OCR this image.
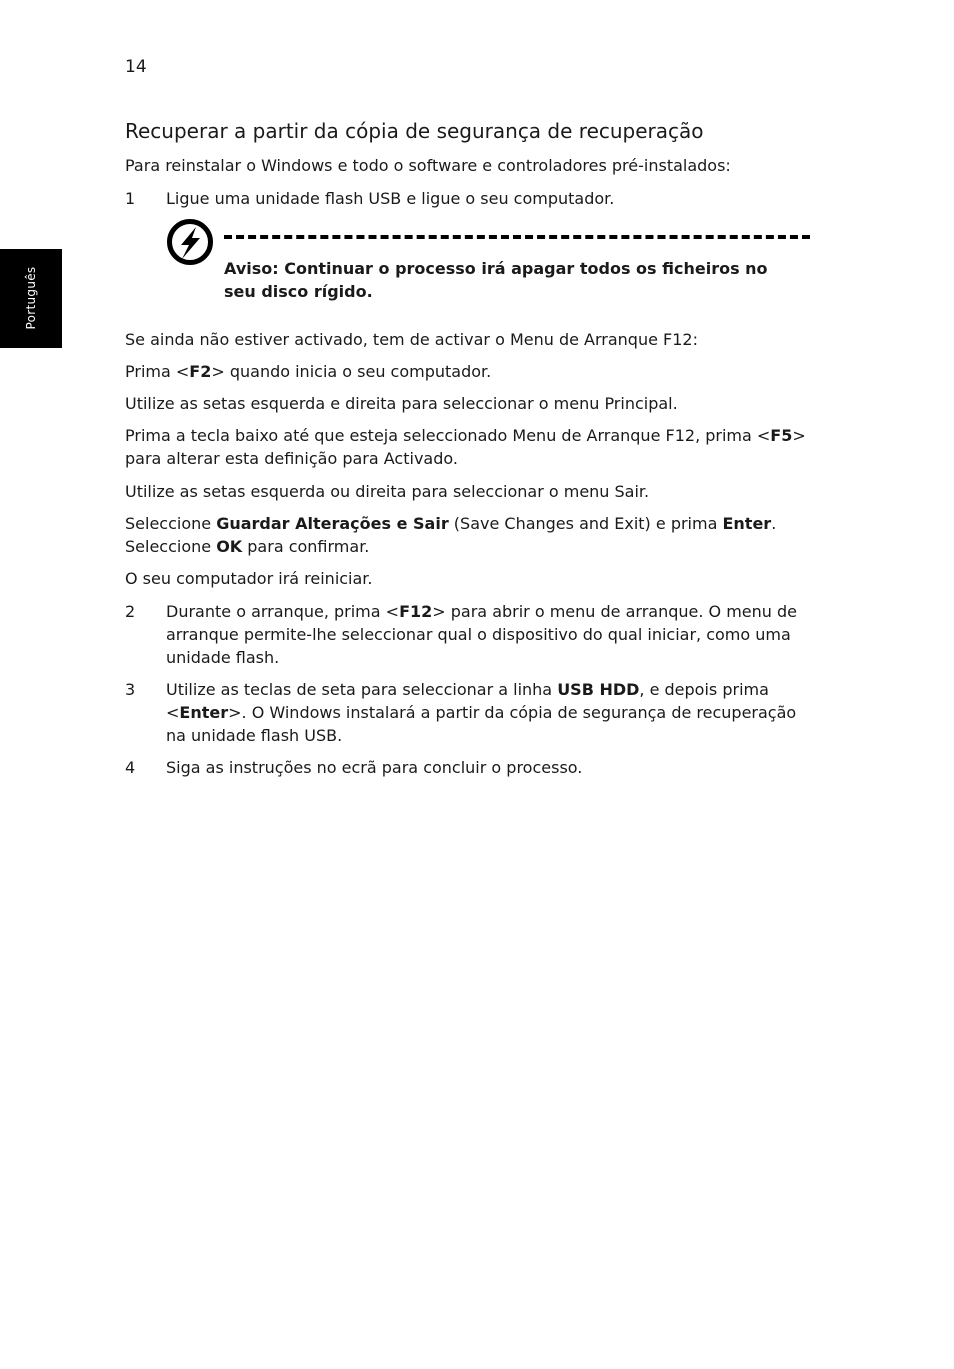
14
Português
Recuperar a partir da cópia de segurança de recuperação

Para reinstalar o Windows e todo o software e controladores pré-instalados:

1 Ligue uma unidade flash USB e ligue o seu computador.
Aviso: Continuar o processo irá apagar todos os ficheiros no seu disco rígido.

Se ainda não estiver activado, tem de activar o Menu de Arranque F12:

Prima <F2> quando inicia o seu computador.

Utilize as setas esquerda e direita para seleccionar o menu Principal.

Prima a tecla baixo até que esteja seleccionado Menu de Arranque F12, prima <F5> para alterar esta definição para Activado.

Utilize as setas esquerda ou direita para seleccionar o menu Sair.

Seleccione Guardar Alterações e Sair (Save Changes and Exit) e prima Enter. Seleccione OK para confirmar.

O seu computador irá reiniciar.

2 Durante o arranque, prima <F12> para abrir o menu de arranque. O menu de arranque permite-lhe seleccionar qual o dispositivo do qual iniciar, como uma unidade flash.
3 Utilize as teclas de seta para seleccionar a linha USB HDD, e depois prima <Enter>. O Windows instalará a partir da cópia de segurança de recuperação na unidade flash USB.
4 Siga as instruções no ecrã para concluir o processo.
